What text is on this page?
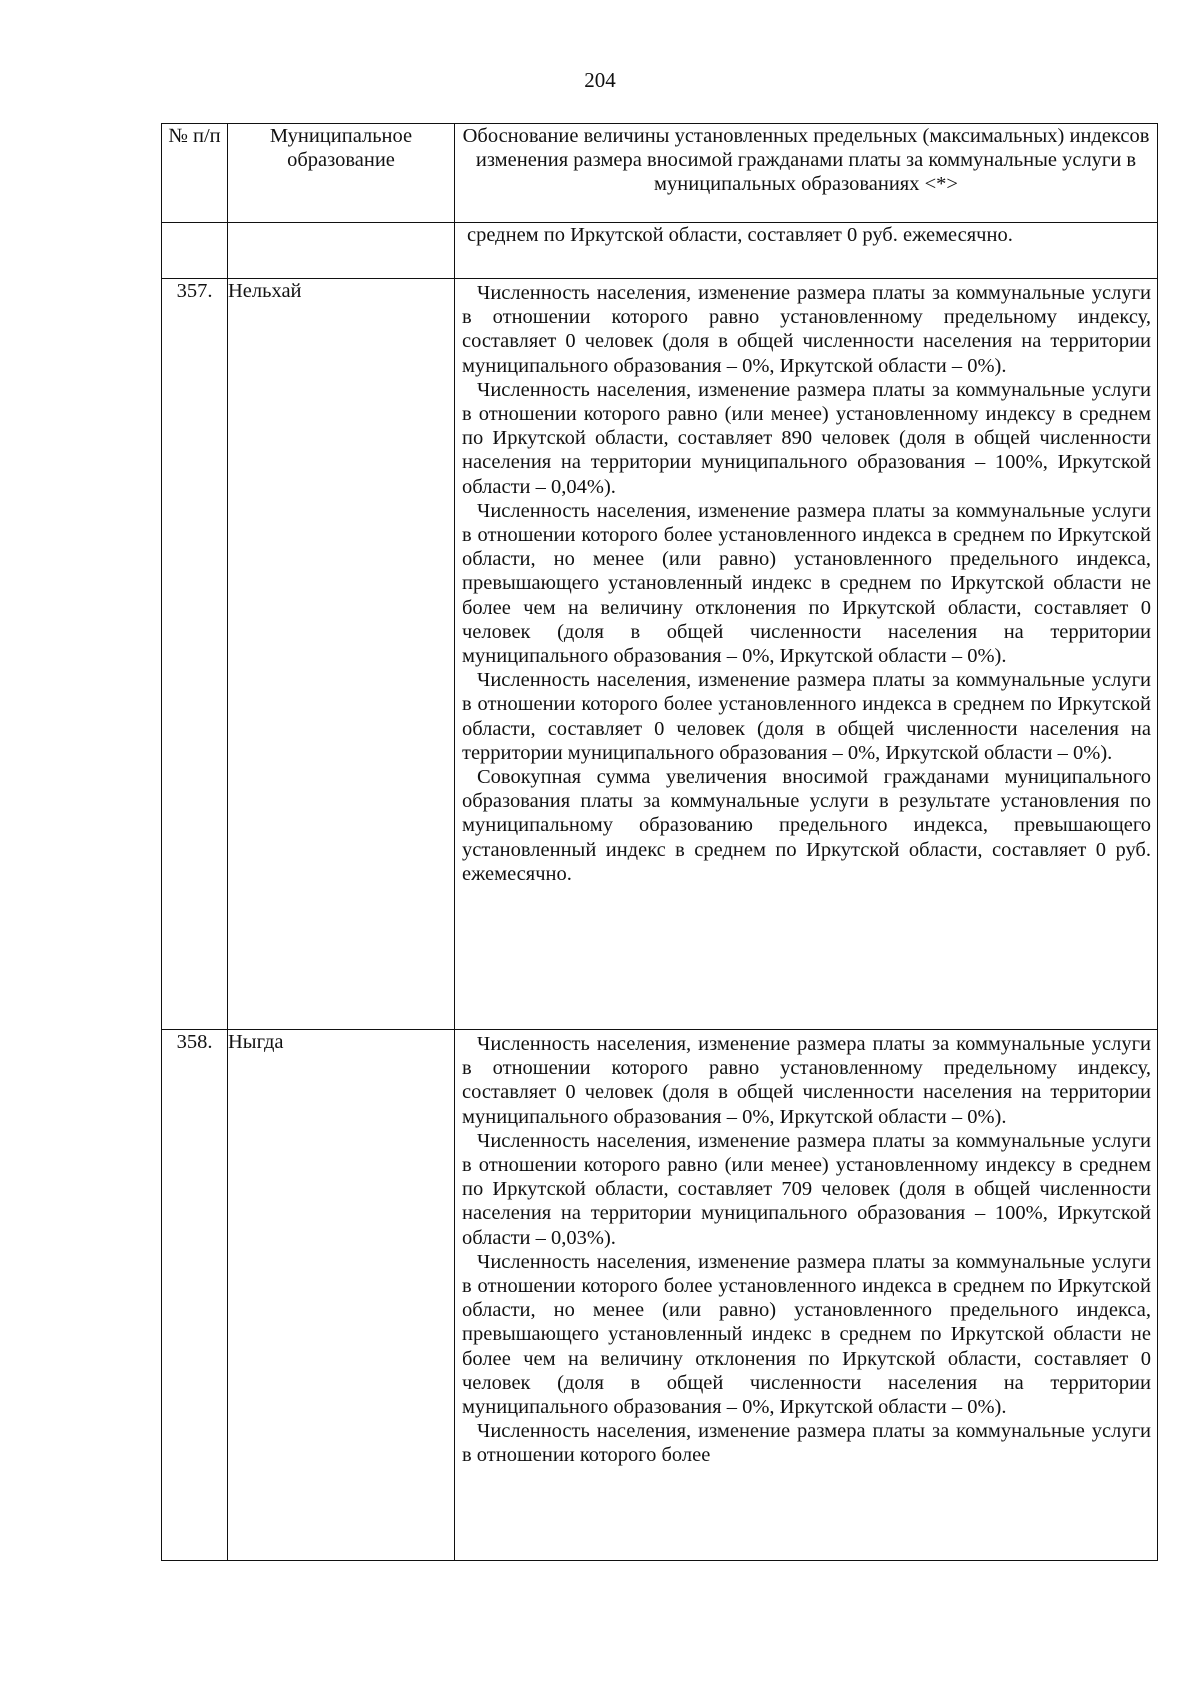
204
№ п/п	Муниципальное образование	Обоснование величины установленных предельных (максимальных) индексов изменения размера вносимой гражданами платы за коммунальные услуги в муниципальных образованиях <*>

		среднем по Иркутской области, составляет 0 руб. ежемесячно.

357.	Нельхай	Численность населения, изменение размера платы за коммунальные услуги в отношении которого равно установленному предельному индексу, составляет 0 человек (доля в общей численности населения на территории муниципального образования – 0%, Иркутской области – 0%).

Численность населения, изменение размера платы за коммунальные услуги в отношении которого равно (или менее) установленному индексу в среднем по Иркутской области, составляет 890 человек (доля в общей численности населения на территории муниципального образования – 100%, Иркутской области – 0,04%).

Численность населения, изменение размера платы за коммунальные услуги в отношении которого более установленного индекса в среднем по Иркутской области, но менее (или равно) установленного предельного индекса, превышающего установленный индекс в среднем по Иркутской области не более чем на величину отклонения по Иркутской области, составляет 0 человек (доля в общей численности населения на территории муниципального образования – 0%, Иркутской области – 0%).

Численность населения, изменение размера платы за коммунальные услуги в отношении которого более установленного индекса в среднем по Иркутской области, составляет 0 человек (доля в общей численности населения на территории муниципального образования – 0%, Иркутской области – 0%).

Совокупная сумма увеличения вносимой гражданами муниципального образования платы за коммунальные услуги в результате установления по муниципальному образованию предельного индекса, превышающего установленный индекс в среднем по Иркутской области, составляет 0 руб. ежемесячно.

358.	Ныгда	Численность населения, изменение размера платы за коммунальные услуги в отношении которого равно установленному предельному индексу, составляет 0 человек (доля в общей численности населения на территории муниципального образования – 0%, Иркутской области – 0%).

Численность населения, изменение размера платы за коммунальные услуги в отношении которого равно (или менее) установленному индексу в среднем по Иркутской области, составляет 709 человек (доля в общей численности населения на территории муниципального образования – 100%, Иркутской области – 0,03%).

Численность населения, изменение размера платы за коммунальные услуги в отношении которого более установленного индекса в среднем по Иркутской области, но менее (или равно) установленного предельного индекса, превышающего установленный индекс в среднем по Иркутской области не более чем на величину отклонения по Иркутской области, составляет 0 человек (доля в общей численности населения на территории муниципального образования – 0%, Иркутской области – 0%).

Численность населения, изменение размера платы за коммунальные услуги в отношении которого более
